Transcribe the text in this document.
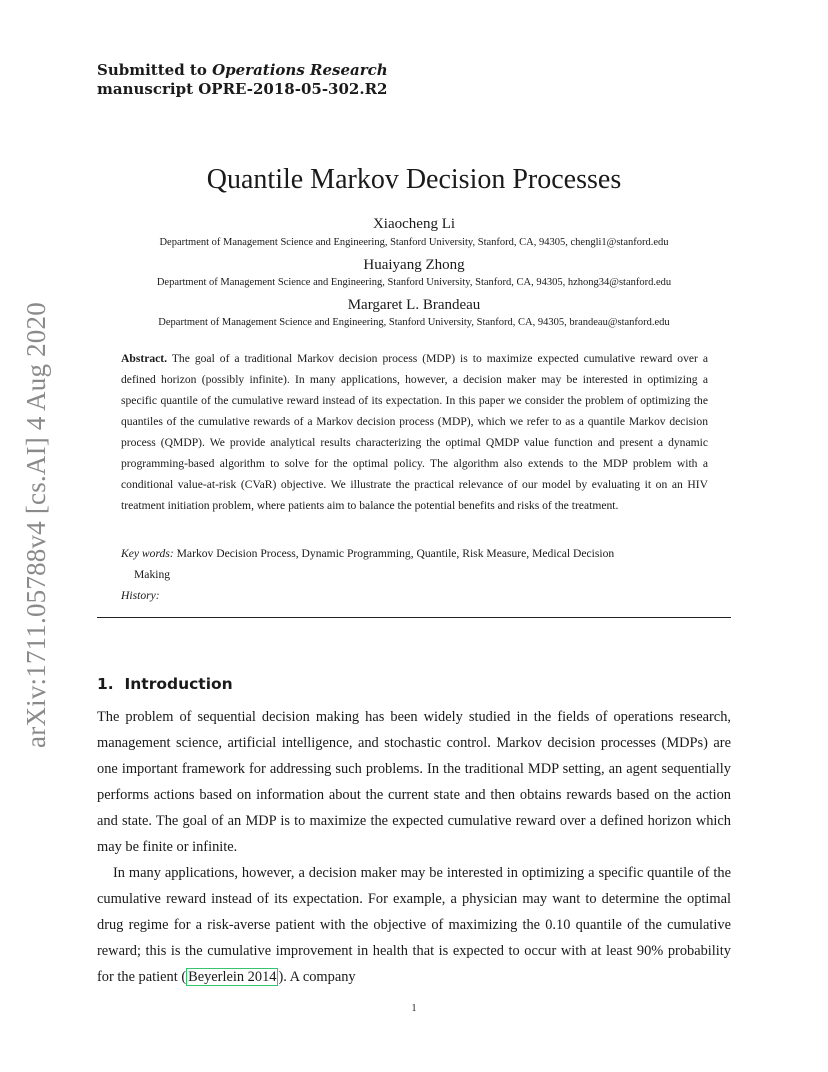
Submitted to Operations Research
manuscript OPRE-2018-05-302.R2
arXiv:1711.05788v4 [cs.AI] 4 Aug 2020
Quantile Markov Decision Processes
Xiaocheng Li
Department of Management Science and Engineering, Stanford University, Stanford, CA, 94305, chengli1@stanford.edu
Huaiyang Zhong
Department of Management Science and Engineering, Stanford University, Stanford, CA, 94305, hzhong34@stanford.edu
Margaret L. Brandeau
Department of Management Science and Engineering, Stanford University, Stanford, CA, 94305, brandeau@stanford.edu
Abstract. The goal of a traditional Markov decision process (MDP) is to maximize expected cumulative reward over a defined horizon (possibly infinite). In many applications, however, a decision maker may be interested in optimizing a specific quantile of the cumulative reward instead of its expectation. In this paper we consider the problem of optimizing the quantiles of the cumulative rewards of a Markov decision process (MDP), which we refer to as a quantile Markov decision process (QMDP). We provide analytical results characterizing the optimal QMDP value function and present a dynamic programming-based algorithm to solve for the optimal policy. The algorithm also extends to the MDP problem with a conditional value-at-risk (CVaR) objective. We illustrate the practical relevance of our model by evaluating it on an HIV treatment initiation problem, where patients aim to balance the potential benefits and risks of the treatment.
Key words: Markov Decision Process, Dynamic Programming, Quantile, Risk Measure, Medical Decision
Making
History:
1. Introduction
The problem of sequential decision making has been widely studied in the fields of operations research, management science, artificial intelligence, and stochastic control. Markov decision processes (MDPs) are one important framework for addressing such problems. In the traditional MDP setting, an agent sequentially performs actions based on information about the current state and then obtains rewards based on the action and state. The goal of an MDP is to maximize the expected cumulative reward over a defined horizon which may be finite or infinite.
In many applications, however, a decision maker may be interested in optimizing a specific quantile of the cumulative reward instead of its expectation. For example, a physician may want to determine the optimal drug regime for a risk-averse patient with the objective of maximizing the 0.10 quantile of the cumulative reward; this is the cumulative improvement in health that is expected to occur with at least 90% probability for the patient ( Beyerlein 2014 ). A company
1
